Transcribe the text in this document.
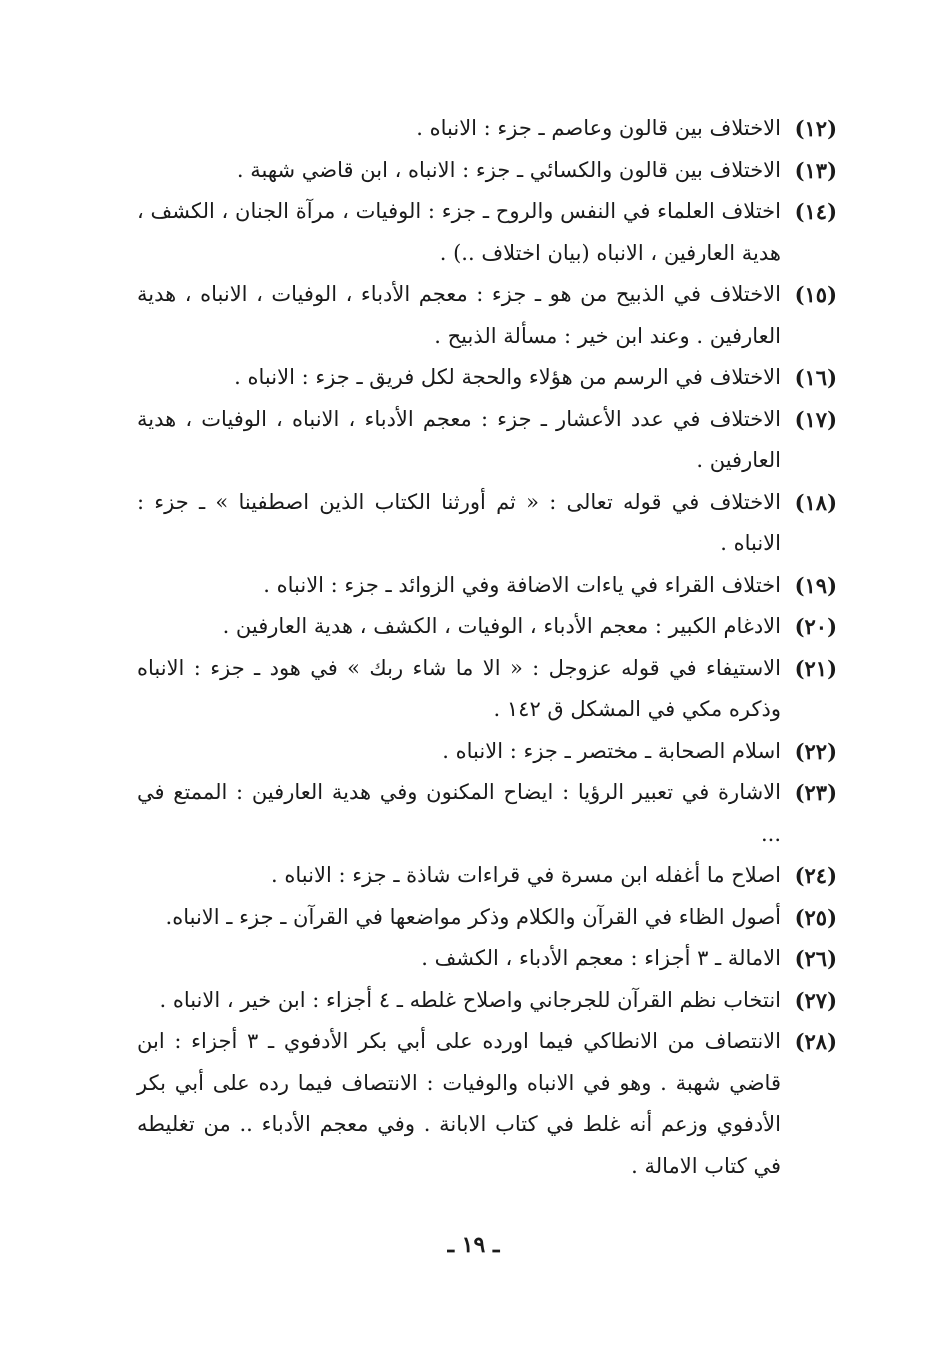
(١٢)
الاختلاف بين قالون وعاصم ـ جزء : الانباه .
(١٣)
الاختلاف بين قالون والكسائي ـ جزء : الانباه ، ابن قاضي شهبة .
(١٤)
اختلاف العلماء في النفس والروح ـ جزء : الوفيات ، مرآة الجنان ، الكشف ، هدية العارفين ، الانباه (بيان اختلاف ..) .
(١٥)
الاختلاف في الذبيح من هو ـ جزء : معجم الأدباء ، الوفيات ، الانباه ، هدية العارفين . وعند ابن خير : مسألة الذبيح .
(١٦)
الاختلاف في الرسم من هؤلاء والحجة لكل فريق ـ جزء : الانباه .
(١٧)
الاختلاف في عدد الأعشار ـ جزء : معجم الأدباء ، الانباه ، الوفيات ، هدية العارفين .
(١٨)
الاختلاف في قوله تعالى : « ثم أورثنا الكتاب الذين اصطفينا » ـ جزء : الانباه .
(١٩)
اختلاف القراء في ياءات الاضافة وفي الزوائد ـ جزء : الانباه .
(٢٠)
الادغام الكبير : معجم الأدباء ، الوفيات ، الكشف ، هدية العارفين .
(٢١)
الاستيفاء في قوله عزوجل : « الا ما شاء ربك » في هود ـ جزء : الانباه وذكره مكي في المشكل ق ١٤٢ .
(٢٢)
اسلام الصحابة ـ مختصر ـ جزء : الانباه .
(٢٣)
الاشارة في تعبير الرؤيا : ايضاح المكنون وفي هدية العارفين : الممتع في ...
(٢٤)
اصلاح ما أغفله ابن مسرة في قراءات شاذة ـ جزء : الانباه .
(٢٥)
أصول الظاء في القرآن والكلام وذكر مواضعها في القرآن ـ جزء ـ الانباه.
(٢٦)
الامالة ـ ٣ أجزاء : معجم الأدباء ، الكشف .
(٢٧)
انتخاب نظم القرآن للجرجاني واصلاح غلطه ـ ٤ أجزاء : ابن خير ، الانباه .
(٢٨)
الانتصاف من الانطاكي فيما اورده على أبي بكر الأدفوي ـ ٣ أجزاء : ابن قاضي شهبة . وهو في الانباه والوفيات : الانتصاف فيما رده على أبي بكر الأدفوي وزعم أنه غلط في كتاب الابانة . وفي معجم الأدباء .. من تغليطه في كتاب الامالة .
ـ ١٩ ـ
